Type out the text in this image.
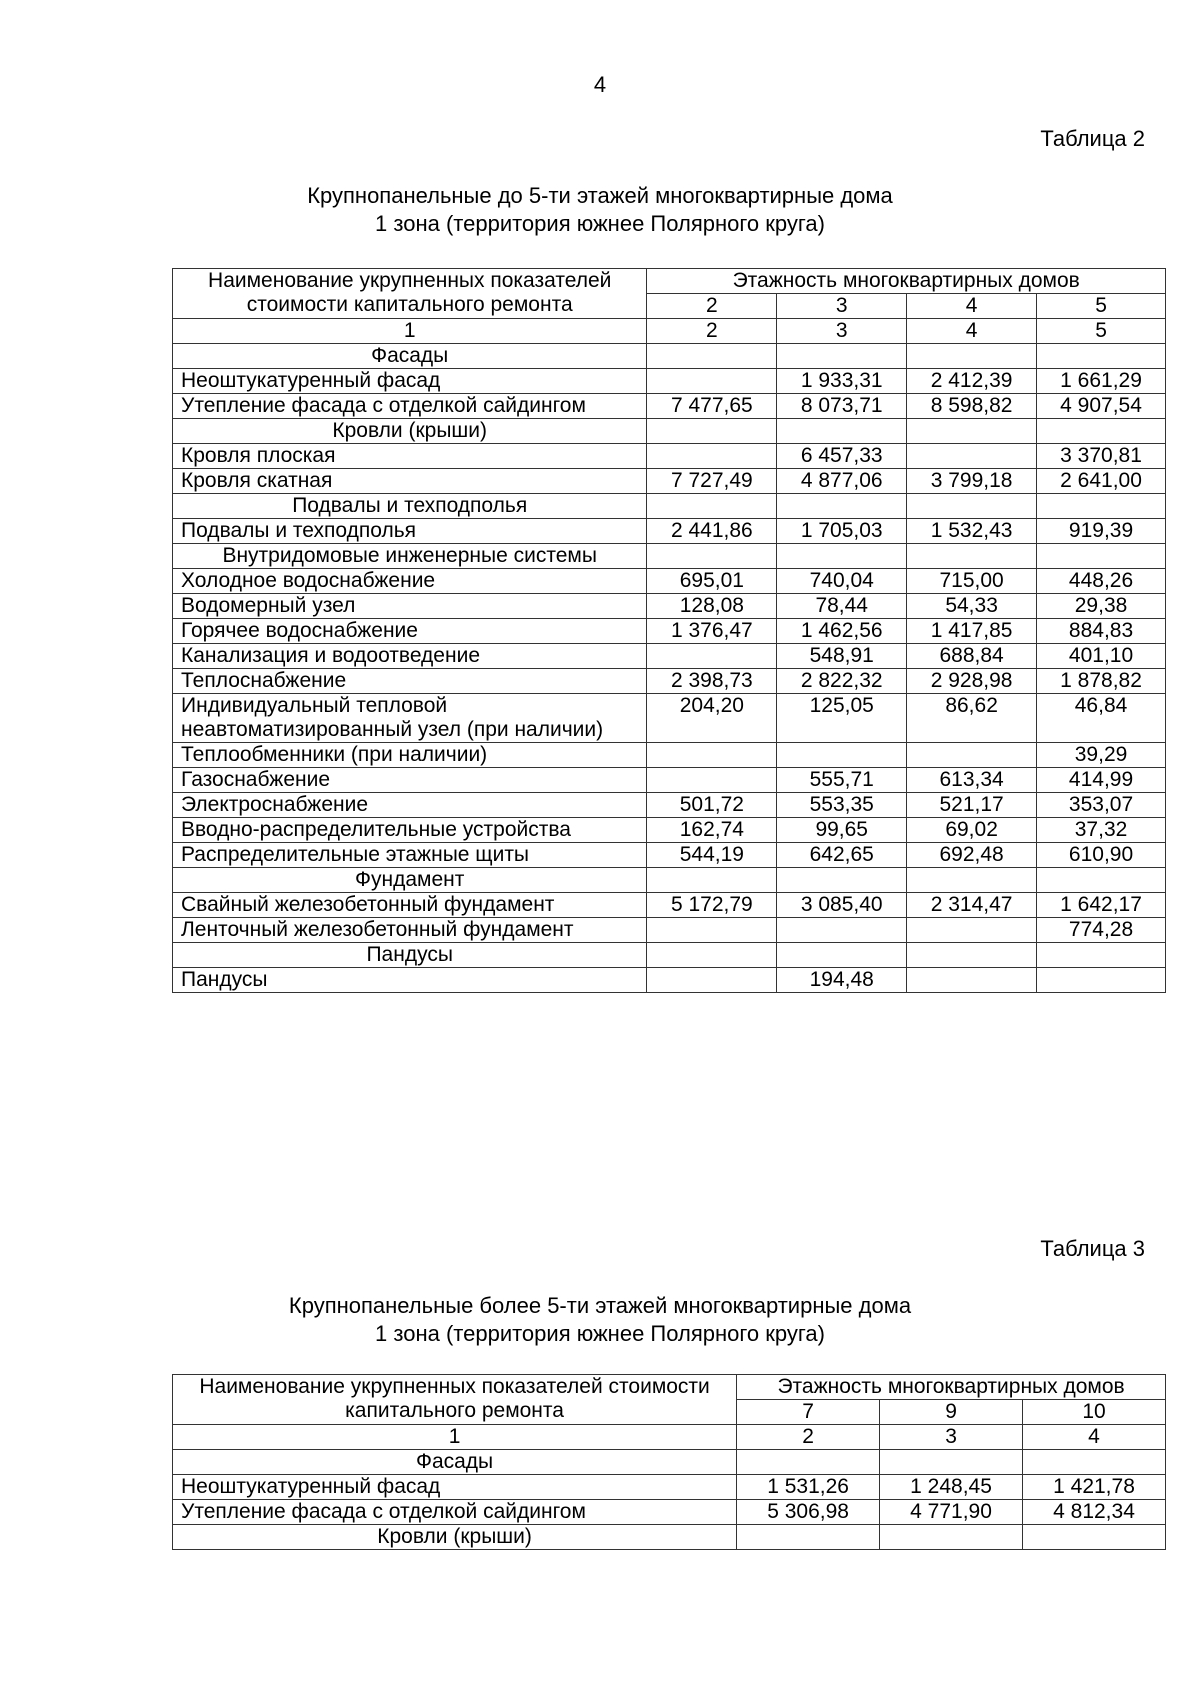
4
Таблица 2
Крупнопанельные до 5-ти этажей многоквартирные дома
1 зона (территория южнее Полярного круга)
Наименование укрупненных показателей стоимости капитального ремонта	Этажность многоквартирных домов			
	2	3	4	5
1	2	3	4	5
Фасады				
Неоштукатуренный фасад		1 933,31	2 412,39	1 661,29
Утепление фасада с отделкой сайдингом	7 477,65	8 073,71	8 598,82	4 907,54
Кровли (крыши)				
Кровля плоская		6 457,33		3 370,81
Кровля скатная	7 727,49	4 877,06	3 799,18	2 641,00
Подвалы и техподполья				
Подвалы и техподполья	2 441,86	1 705,03	1 532,43	919,39
Внутридомовые инженерные системы				
Холодное водоснабжение	695,01	740,04	715,00	448,26
Водомерный узел	128,08	78,44	54,33	29,38
Горячее водоснабжение	1 376,47	1 462,56	1 417,85	884,83
Канализация и водоотведение		548,91	688,84	401,10
Теплоснабжение	2 398,73	2 822,32	2 928,98	1 878,82
Индивидуальный тепловой неавтоматизированный узел (при наличии)	204,20	125,05	86,62	46,84
Теплообменники (при наличии)				39,29
Газоснабжение		555,71	613,34	414,99
Электроснабжение	501,72	553,35	521,17	353,07
Вводно-распределительные устройства	162,74	99,65	69,02	37,32
Распределительные этажные щиты	544,19	642,65	692,48	610,90
Фундамент				
Свайный железобетонный фундамент	5 172,79	3 085,40	2 314,47	1 642,17
Ленточный железобетонный фундамент				774,28
Пандусы				
Пандусы		194,48		
Таблица 3
Крупнопанельные более 5-ти этажей многоквартирные дома
1 зона (территория южнее Полярного круга)
Наименование укрупненных показателей стоимости капитального ремонта	Этажность многоквартирных домов		
	7	9	10
1	2	3	4
Фасады			
Неоштукатуренный фасад	1 531,26	1 248,45	1 421,78
Утепление фасада с отделкой сайдингом	5 306,98	4 771,90	4 812,34
Кровли (крыши)			
